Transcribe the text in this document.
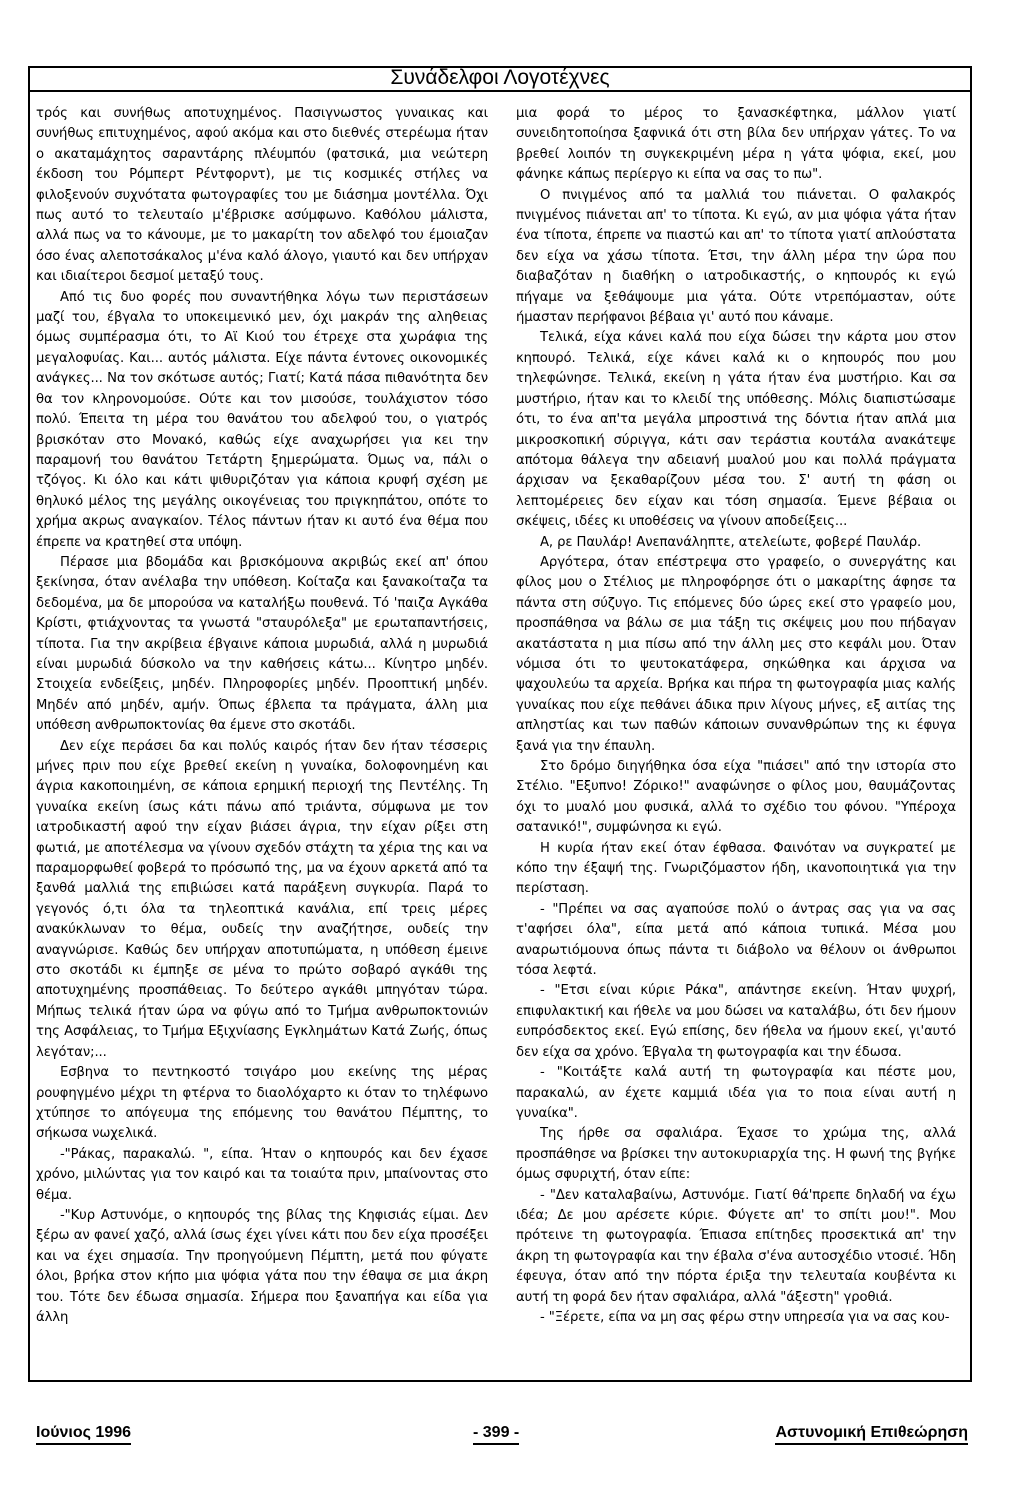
Συνάδελφοι Λογοτέχνες

τρός και συνήθως αποτυχημένος. Πασιγνωστος γυναικας και συνήθως επιτυχημένος, αφού ακόμα και στο διεθνές στερέωμα ήταν ο ακαταμάχητος σαραντάρης πλέυμπόυ (φατσικά, μια νεώτερη έκδοση του Ρόμπερτ Ρέντφορντ), με τις κοσμικές στήλες να φιλοξενούν συχνότατα φωτογραφίες του με διάσημα μοντέλλα. Όχι πως αυτό το τελευταίο μ'έβρισκε ασύμφωνο. Καθόλου μάλιστα, αλλά πως να το κάνουμε, με το μακαρίτη τον αδελφό του έμοιαζαν όσο ένας αλεποτσάκαλος μ'ένα καλό άλογο, γιαυτό και δεν υπήρχαν και ιδιαίτεροι δεσμοί μεταξύ τους.

Από τις δυο φορές που συναντήθηκα λόγω των περιστάσεων μαζί του, έβγαλα το υποκειμενικό μεν, όχι μακράν της αληθειας όμως συμπέρασμα ότι, το Αϊ Κιού του έτρεχε στα χωράφια της μεγαλοφυίας. Και... αυτός μάλιστα. Είχε πάντα έντονες οικονομικές ανάγκες... Να τον σκότωσε αυτός; Γιατί; Κατά πάσα πιθανότητα δεν θα τον κληρονομούσε. Ούτε και τον μισούσε, τουλάχιστον τόσο πολύ. Έπειτα τη μέρα του θανάτου του αδελφού του, ο γιατρός βρισκόταν στο Μονακό, καθώς είχε αναχωρήσει για κει την παραμονή του θανάτου Τετάρτη ξημερώματα. Όμως να, πάλι ο τζόγος. Κι όλο και κάτι ψιθυριζόταν για κάποια κρυφή σχέση με θηλυκό μέλος της μεγάλης οικογένειας του πριγκηπάτου, οπότε το χρήμα ακρως αναγκαίον. Τέλος πάντων ήταν κι αυτό ένα θέμα που έπρεπε να κρατηθεί στα υπόψη.

Πέρασε μια βδομάδα και βρισκόμουνα ακριβώς εκεί απ' όπου ξεκίνησα, όταν ανέλαβα την υπόθεση. Κοίταζα και ξανακοίταζα τα δεδομένα, μα δε μπορούσα να καταλήξω πουθενά. Τό 'παιζα Αγκάθα Κρίστι, φτιάχνοντας τα γνωστά "σταυρόλεξα" με ερωταπαντήσεις, τίποτα. Για την ακρίβεια έβγαινε κάποια μυρωδιά, αλλά η μυρωδιά είναι μυρωδιά δύσκολο να την καθήσεις κάτω... Κίνητρο μηδέν. Στοιχεία ενδείξεις, μηδέν. Πληροφορίες μηδέν. Προοπτική μηδέν. Μηδέν από μηδέν, αμήν. Όπως έβλεπα τα πράγματα, άλλη μια υπόθεση ανθρωποκτονίας θα έμενε στο σκοτάδι.

Δεν είχε περάσει δα και πολύς καιρός ήταν δεν ήταν τέσσερις μήνες πριν που είχε βρεθεί εκείνη η γυναίκα, δολοφονημένη και άγρια κακοποιημένη, σε κάποια ερημική περιοχή της Πεντέλης. Τη γυναίκα εκείνη ίσως κάτι πάνω από τριάντα, σύμφωνα με τον ιατροδικαστή αφού την είχαν βιάσει άγρια, την είχαν ρίξει στη φωτιά, με αποτέλεσμα να γίνουν σχεδόν στάχτη τα χέρια της και να παραμορφωθεί φοβερά το πρόσωπό της, μα να έχουν αρκετά από τα ξανθά μαλλιά της επιβιώσει κατά παράξενη συγκυρία. Παρά το γεγονός ό,τι όλα τα τηλεοπτικά κανάλια, επί τρεις μέρες ανακύκλωναν το θέμα, ουδείς την αναζήτησε, ουδείς την αναγνώρισε. Καθώς δεν υπήρχαν αποτυπώματα, η υπόθεση έμεινε στο σκοτάδι κι έμπηξε σε μένα το πρώτο σοβαρό αγκάθι της αποτυχημένης προσπάθειας. Το δεύτερο αγκάθι μπηγόταν τώρα. Μήπως τελικά ήταν ώρα να φύγω από το Τμήμα ανθρωποκτονιών της Ασφάλειας, το Τμήμα Εξιχνίασης Εγκλημάτων Κατά Ζωής, όπως λεγόταν;...

Εσβηνα το πεντηκοστό τσιγάρο μου εκείνης της μέρας ρουφηγμένο μέχρι τη φτέρνα το διαολόχαρτο κι όταν το τηλέφωνο χτύπησε το απόγευμα της επόμενης του θανάτου Πέμπτης, το σήκωσα νωχελικά.

-"Ράκας, παρακαλώ. ", είπα. Ήταν ο κηπουρός και δεν έχασε χρόνο, μιλώντας για τον καιρό και τα τοιαύτα πριν, μπαίνοντας στο θέμα.

-"Κυρ Αστυνόμε, ο κηπουρός της βίλας της Κηφισιάς είμαι. Δεν ξέρω αν φανεί χαζό, αλλά ίσως έχει γίνει κάτι που δεν είχα προσέξει και να έχει σημασία. Την προηγούμενη Πέμπτη, μετά που φύγατε όλοι, βρήκα στον κήπο μια ψόφια γάτα που την έθαψα σε μια άκρη του. Τότε δεν έδωσα σημασία. Σήμερα που ξαναπήγα και είδα για άλλη

μια φορά το μέρος το ξανασκέφτηκα, μάλλον γιατί συνειδητοποίησα ξαφνικά ότι στη βίλα δεν υπήρχαν γάτες. Το να βρεθεί λοιπόν τη συγκεκριμένη μέρα η γάτα ψόφια, εκεί, μου φάνηκε κάπως περίεργο κι είπα να σας το πω".

Ο πνιγμένος από τα μαλλιά του πιάνεται. Ο φαλακρός πνιγμένος πιάνεται απ' το τίποτα. Κι εγώ, αν μια ψόφια γάτα ήταν ένα τίποτα, έπρεπε να πιαστώ και απ' το τίποτα γιατί απλούστατα δεν είχα να χάσω τίποτα. Έτσι, την άλλη μέρα την ώρα που διαβαζόταν η διαθήκη ο ιατροδικαστής, ο κηπουρός κι εγώ πήγαμε να ξεθάψουμε μια γάτα. Ούτε ντρεπόμασταν, ούτε ήμασταν περήφανοι βέβαια γι' αυτό που κάναμε.

Τελικά, είχα κάνει καλά που είχα δώσει την κάρτα μου στον κηπουρό. Τελικά, είχε κάνει καλά κι ο κηπουρός που μου τηλεφώνησε. Τελικά, εκείνη η γάτα ήταν ένα μυστήριο. Και σα μυστήριο, ήταν και το κλειδί της υπόθεσης. Μόλις διαπιστώσαμε ότι, το ένα απ'τα μεγάλα μπροστινά της δόντια ήταν απλά μια μικροσκοπική σύριγγα, κάτι σαν τεράστια κουτάλα ανακάτεψε απότομα θάλεγα την αδειανή μυαλού μου και πολλά πράγματα άρχισαν να ξεκαθαρίζουν μέσα του. Σ' αυτή τη φάση οι λεπτομέρειες δεν είχαν και τόση σημασία. Έμενε βέβαια οι σκέψεις, ιδέες κι υποθέσεις να γίνουν αποδείξεις...

Α, ρε Παυλάρ! Ανεπανάληπτε, ατελείωτε, φοβερέ Παυλάρ.

Αργότερα, όταν επέστρεψα στο γραφείο, ο συνεργάτης και φίλος μου ο Στέλιος με πληροφόρησε ότι ο μακαρίτης άφησε τα πάντα στη σύζυγο. Τις επόμενες δύο ώρες εκεί στο γραφείο μου, προσπάθησα να βάλω σε μια τάξη τις σκέψεις μου που πήδαγαν ακατάστατα η μια πίσω από την άλλη μες στο κεφάλι μου. Όταν νόμισα ότι το ψευτοκατάφερα, σηκώθηκα και άρχισα να ψαχουλεύω τα αρχεία. Βρήκα και πήρα τη φωτογραφία μιας καλής γυναίκας που είχε πεθάνει άδικα πριν λίγους μήνες, εξ αιτίας της απληστίας και των παθών κάποιων συνανθρώπων της κι έφυγα ξανά για την έπαυλη.

Στο δρόμο διηγήθηκα όσα είχα "πιάσει" από την ιστορία στο Στέλιο. "Εξυπνο! Ζόρικο!" αναφώνησε ο φίλος μου, θαυμάζοντας όχι το μυαλό μου φυσικά, αλλά το σχέδιο του φόνου. "Υπέροχα σατανικό!", συμφώνησα κι εγώ.

Η κυρία ήταν εκεί όταν έφθασα. Φαινόταν να συγκρατεί με κόπο την έξαψή της. Γνωριζόμαστον ήδη, ικανοποιητικά για την περίσταση.

- "Πρέπει να σας αγαπούσε πολύ ο άντρας σας για να σας τ'αφήσει όλα", είπα μετά από κάποια τυπικά. Μέσα μου αναρωτιόμουνα όπως πάντα τι διάβολο να θέλουν οι άνθρωποι τόσα λεφτά.

- "Ετσι είναι κύριε Ράκα", απάντησε εκείνη. Ήταν ψυχρή, επιφυλακτική και ήθελε να μου δώσει να καταλάβω, ότι δεν ήμουν ευπρόσδεκτος εκεί. Εγώ επίσης, δεν ήθελα να ήμουν εκεί, γι'αυτό δεν είχα σα χρόνο. Έβγαλα τη φωτογραφία και την έδωσα.

- "Κοιτάξτε καλά αυτή τη φωτογραφία και πέστε μου, παρακαλώ, αν έχετε καμμιά ιδέα για το ποια είναι αυτή η γυναίκα".

Της ήρθε σα σφαλιάρα. Έχασε το χρώμα της, αλλά προσπάθησε να βρίσκει την αυτοκυριαρχία της. Η φωνή της βγήκε όμως σφυριχτή, όταν είπε:

- "Δεν καταλαβαίνω, Αστυνόμε. Γιατί θά'πρεπε δηλαδή να έχω ιδέα; Δε μου αρέσετε κύριε. Φύγετε απ' το σπίτι μου!". Μου πρότεινε τη φωτογραφία. Έπιασα επίτηδες προσεκτικά απ' την άκρη τη φωτογραφία και την έβαλα σ'ένα αυτοσχέδιο ντοσιέ. Ήδη έφευγα, όταν από την πόρτα έριξα την τελευταία κουβέντα κι αυτή τη φορά δεν ήταν σφαλιάρα, αλλά "άξεστη" γροθιά.

- "Ξέρετε, είπα να μη σας φέρω στην υπηρεσία για να σας κου-

Ιούνιος 1996	- 399 -	Αστυνομική Επιθεώρηση
